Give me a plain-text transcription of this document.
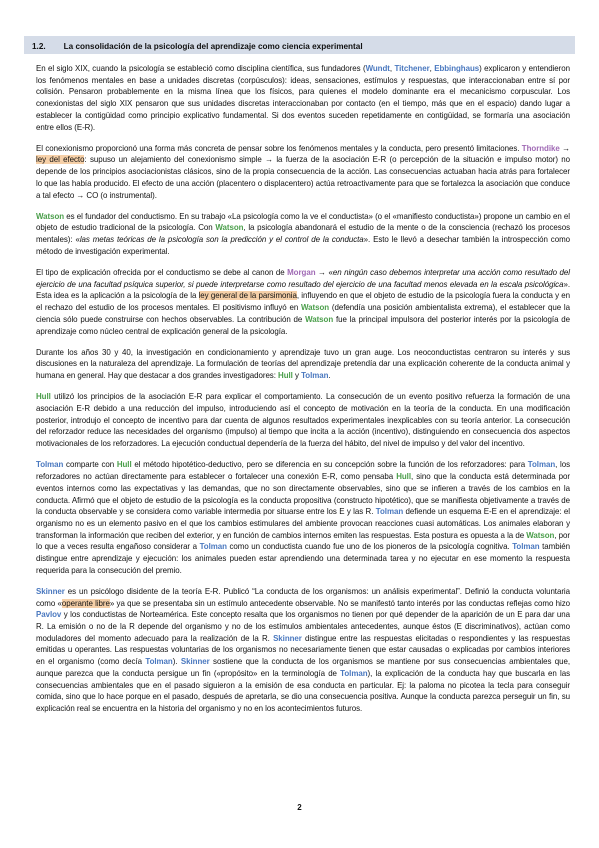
1.2. La consolidación de la psicología del aprendizaje como ciencia experimental

En el siglo XIX, cuando la psicología se estableció como disciplina científica, sus fundadores (Wundt, Titchener, Ebbinghaus) explicaron y entendieron los fenómenos mentales en base a unidades discretas (corpúsculos): ideas, sensaciones, estímulos y respuestas, que interaccionaban entre sí por colisión. Pensaron probablemente en la misma línea que los físicos, para quienes el modelo dominante era el mecanicismo corpuscular. Los conexionistas del siglo XIX pensaron que sus unidades discretas interaccionaban por contacto (en el tiempo, más que en el espacio) dando lugar a establecer la contigüidad como principio explicativo fundamental. Si dos eventos suceden repetidamente en contigüidad, se formaría una asociación entre ellos (E-R).

El conexionismo proporcionó una forma más concreta de pensar sobre los fenómenos mentales y la conducta, pero presentó limitaciones. Thorndike → ley del efecto: supuso un alejamiento del conexionismo simple → la fuerza de la asociación E-R (o percepción de la situación e impulso motor) no depende de los principios asociacionistas clásicos, sino de la propia consecuencia de la acción. Las consecuencias actuaban hacia atrás para fortalecer lo que las había producido. El efecto de una acción (placentero o displacentero) actúa retroactivamente para que se fortalezca la asociación que conduce a tal efecto → CO (o instrumental).

Watson es el fundador del conductismo. En su trabajo «La psicología como la ve el conductista» (o el «manifiesto conductista») propone un cambio en el objeto de estudio tradicional de la psicología. Con Watson, la psicología abandonará el estudio de la mente o de la consciencia (rechazó los procesos mentales): «las metas teóricas de la psicología son la predicción y el control de la conducta». Esto le llevó a desechar también la introspección como método de investigación experimental.

El tipo de explicación ofrecida por el conductismo se debe al canon de Morgan → «en ningún caso debemos interpretar una acción como resultado del ejercicio de una facultad psíquica superior, si puede interpretarse como resultado del ejercicio de una facultad menos elevada en la escala psicológica». Esta idea es la aplicación a la psicología de la ley general de la parsimonia, influyendo en que el objeto de estudio de la psicología fuera la conducta y en el rechazo del estudio de los procesos mentales. El positivismo influyó en Watson (defendía una posición ambientalista extrema), el establecer que la ciencia sólo puede construirse con hechos observables. La contribución de Watson fue la principal impulsora del posterior interés por la psicología de aprendizaje como núcleo central de explicación general de la psicología.

Durante los años 30 y 40, la investigación en condicionamiento y aprendizaje tuvo un gran auge. Los neoconductistas centraron su interés y sus discusiones en la naturaleza del aprendizaje. La formulación de teorías del aprendizaje pretendía dar una explicación coherente de la conducta animal y humana en general. Hay que destacar a dos grandes investigadores: Hull y Tolman.

Hull utilizó los principios de la asociación E-R para explicar el comportamiento. La consecución de un evento positivo refuerza la formación de una asociación E-R debido a una reducción del impulso, introduciendo así el concepto de motivación en la teoría de la conducta. En una modificación posterior, introdujo el concepto de incentivo para dar cuenta de algunos resultados experimentales inexplicables con su teoría anterior. La consecución del reforzador reduce las necesidades del organismo (impulso) al tiempo que incita a la acción (incentivo), distinguiendo en consecuencia dos aspectos motivacionales de los reforzadores. La ejecución conductual dependería de la fuerza del hábito, del nivel de impulso y del valor del incentivo.

Tolman comparte con Hull el método hipotético-deductivo, pero se diferencia en su concepción sobre la función de los reforzadores: para Tolman, los reforzadores no actúan directamente para establecer o fortalecer una conexión E-R, como pensaba Hull, sino que la conducta está determinada por eventos internos como las expectativas y las demandas, que no son directamente observables, sino que se infieren a través de los cambios en la conducta. Afirmó que el objeto de estudio de la psicología es la conducta propositiva (constructo hipotético), que se manifiesta objetivamente a través de la conducta observable y se considera como variable intermedia por situarse entre los E y las R. Tolman defiende un esquema E-E en el aprendizaje: el organismo no es un elemento pasivo en el que los cambios estimulares del ambiente provocan reacciones cuasi automáticas. Los animales elaboran y transforman la información que reciben del exterior, y en función de cambios internos emiten las respuestas. Esta postura es opuesta a la de Watson, por lo que a veces resulta engañoso considerar a Tolman como un conductista cuando fue uno de los pioneros de la psicología cognitiva. Tolman también distingue entre aprendizaje y ejecución: los animales pueden estar aprendiendo una determinada tarea y no ejecutar en ese momento la respuesta requerida para la consecución del premio.

Skinner es un psicólogo disidente de la teoría E-R. Publicó “La conducta de los organismos: un análisis experimental”. Definió la conducta voluntaria como «operante libre» ya que se presentaba sin un estímulo antecedente observable. No se manifestó tanto interés por las conductas reflejas como hizo Pavlov y los conductistas de Norteamérica. Este concepto resalta que los organismos no tienen por qué depender de la aparición de un E para dar una R. La emisión o no de la R depende del organismo y no de los estímulos ambientales antecedentes, aunque éstos (E discriminativos), actúan como moduladores del momento adecuado para la realización de la R. Skinner distingue entre las respuestas elicitadas o respondientes y las respuestas emitidas u operantes. Las respuestas voluntarias de los organismos no necesariamente tienen que estar causadas o explicadas por cambios interiores en el organismo (como decía Tolman). Skinner sostiene que la conducta de los organismos se mantiene por sus consecuencias ambientales que, aunque parezca que la conducta persigue un fin («propósito» en la terminología de Tolman), la explicación de la conducta hay que buscarla en las consecuencias ambientales que en el pasado siguieron a la emisión de esa conducta en particular. Ej: la paloma no picotea la tecla para conseguir comida, sino que lo hace porque en el pasado, después de apretarla, se dio una consecuencia positiva. Aunque la conducta parezca perseguir un fin, su explicación real se encuentra en la historia del organismo y no en los acontecimientos futuros.

2
